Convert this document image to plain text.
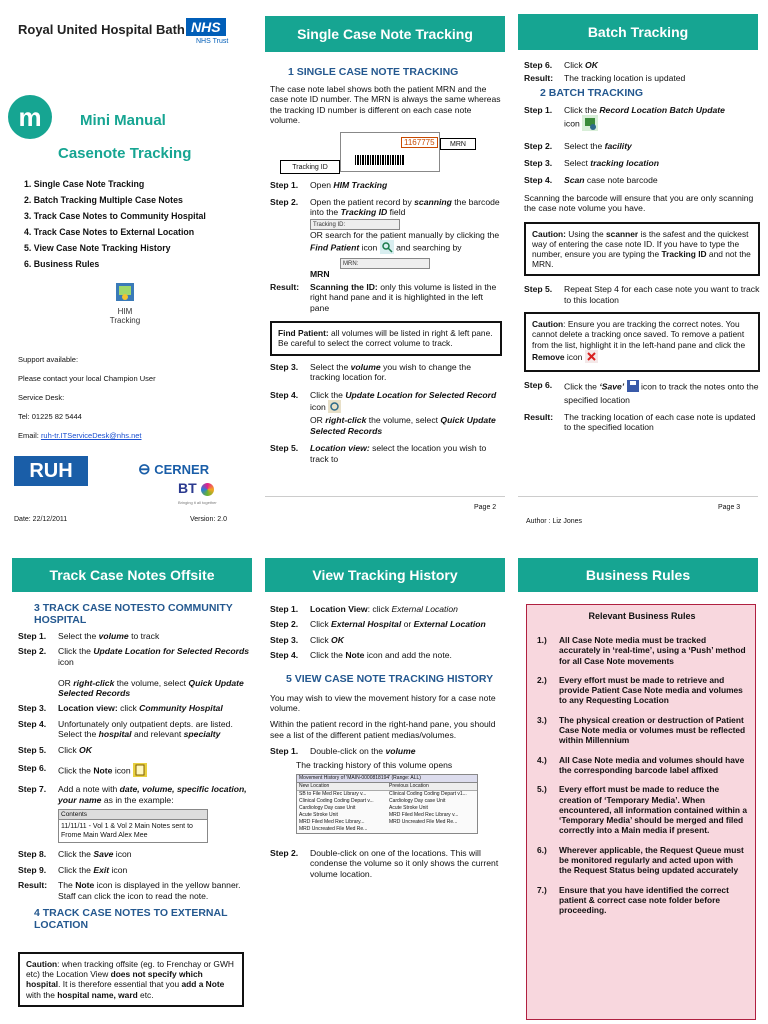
Royal United Hospital Bath NHS
NHS Trust
m	Mini Manual
Casenote Tracking
1. Single Case Note Tracking
2. Batch Tracking Multiple Case Notes
3. Track Case Notes to Community Hospital
4. Track Case Notes to External Location
5. View Case Note Tracking History
6. Business Rules
HIM
Tracking
Support available:
Please contact your local Champion User
Service Desk:
Tel: 01225 82 5444
Email: ruh-tr.ITServiceDesk@nhs.net
RUH	⊖ CERNER
BT
Bringing it all together
Date: 22/12/2011	Version: 2.0
Single Case Note Tracking
1 SINGLE CASE NOTE TRACKING
The case note label shows both the patient MRN and the case note ID number. The MRN is always the same whereas the tracking ID number is different on each case note volume.
1167775	MRN
Tracking ID
Step 1.	Open HIM Tracking
Step 2.	Open the patient record by scanning the barcode into the Tracking ID field
Tracking ID:
OR search for the patient manually by clicking the Find Patient icon and searching by
MRN:
MRN
Result:	Scanning the ID: only this volume is listed in the right hand pane and it is highlighted in the left pane
Find Patient: all volumes will be listed in right & left pane. Be careful to select the correct volume to track.
Step 3.	Select the volume you wish to change the tracking location for.
Step 4.	Click the Update Location for Selected Record icon
OR right-click the volume, select Quick Update Selected Records
Step 5.	Location view: select the location you wish to track to
Page 2
Batch Tracking
Step 6.	Click OK
Result:	The tracking location is updated
2 BATCH TRACKING
Step 1.	Click the Record Location Batch Update
icon
Step 2.	Select the facility
Step 3.	Select tracking location
Step 4.	Scan case note barcode
Scanning the barcode will ensure that you are only scanning the case note volume you have.
Caution: Using the scanner is the safest and the quickest way of entering the case note ID. If you have to type the number, ensure you are typing the Tracking ID and not the MRN.
Step 5.	Repeat Step 4 for each case note you want to track to this location
Caution: Ensure you are tracking the correct notes. You cannot delete a tracking once saved. To remove a patient from the list, highlight it in the left-hand pane and click the Remove icon
Step 6.	Click the ‘Save’  icon to track the notes onto the specified location
Result:	The tracking location of each case note is updated to the specified location
Page 3
Author : Liz Jones
Track Case Notes Offsite
3 TRACK CASE NOTESTO COMMUNITY HOSPITAL
Step 1.	Select the volume to track
Step 2.	Click the Update Location for Selected Records icon

OR right-click the volume, select Quick Update Selected Records
Step 3.	Location view: click Community Hospital
Step 4.	Unfortunately only outpatient depts. are listed. Select the hospital and relevant specialty
Step 5.	Click OK
Step 6.	Click the Note icon
Step 7.	Add a note with date, volume, specific location, your name as in the example:
Contents
11/11/11 - Vol 1 & Vol 2 Main Notes sent to Frome Main Ward Alex Mee
Step 8.	Click the Save icon
Step 9.	Click the Exit icon
Result:	The Note icon is displayed in the yellow banner. Staff can click the icon to read the note.
4 TRACK CASE NOTES TO EXTERNAL LOCATION
Caution: when tracking offsite (eg. to Frenchay or GWH etc) the Location View does not specify which hospital. It is therefore essential that you add a Note with the hospital name, ward etc.
View Tracking History
Step 1.	Location View: click External Location
Step 2.	Click External Hospital or External Location
Step 3.	Click OK
Step 4.	Click the Note icon and add the note.
5 VIEW CASE NOTE TRACKING HISTORY
You may wish to view the movement history for a case note volume.
Within the patient record in the right-hand pane, you should see a list of the different patient medias/volumes.
Step 1.	Double-click on the volume
The tracking history of this volume opens
Movement History of 'MAIN-0000818194' (Range: ALL)
New Location	Previous Location
SB to File Med Rec Library v...	Clinical Coding Coding Depart v1...
Clinical Coding Coding Depart v...	Cardiology Day case Unit
Cardiology Day case Unit	Acute Stroke Unit
Acute Stroke Unit	MRD Filed Med Rec Library v...
MRD Filed Med Rec Library...	MRD Uncreated File Med Re...
MRD Uncreated File Med Re...
Step 2.	Double-click on one of the locations. This will condense the volume so it only shows the current volume location.
Business Rules
Relevant Business Rules
1.)	All Case Note media must be tracked accurately in ‘real-time’, using a ‘Push’ method for all Case Note movements
2.)	Every effort must be made to retrieve and provide Patient Case Note media and volumes to any Requesting Location
3.)	The physical creation or destruction of Patient Case Note media or volumes must be reflected within Millennium
4.)	All Case Note media and volumes should have the corresponding barcode label affixed
5.)	Every effort must be made to reduce the creation of ‘Temporary Media’. When encountered, all information contained within a ‘Temporary Media’ should be merged and filed correctly into a Main media if present.
6.)	Wherever applicable, the Request Queue must be monitored regularly and acted upon with the Request Status being updated accurately
7.)	Ensure that you have identified the correct patient & correct case note folder before proceeding.
